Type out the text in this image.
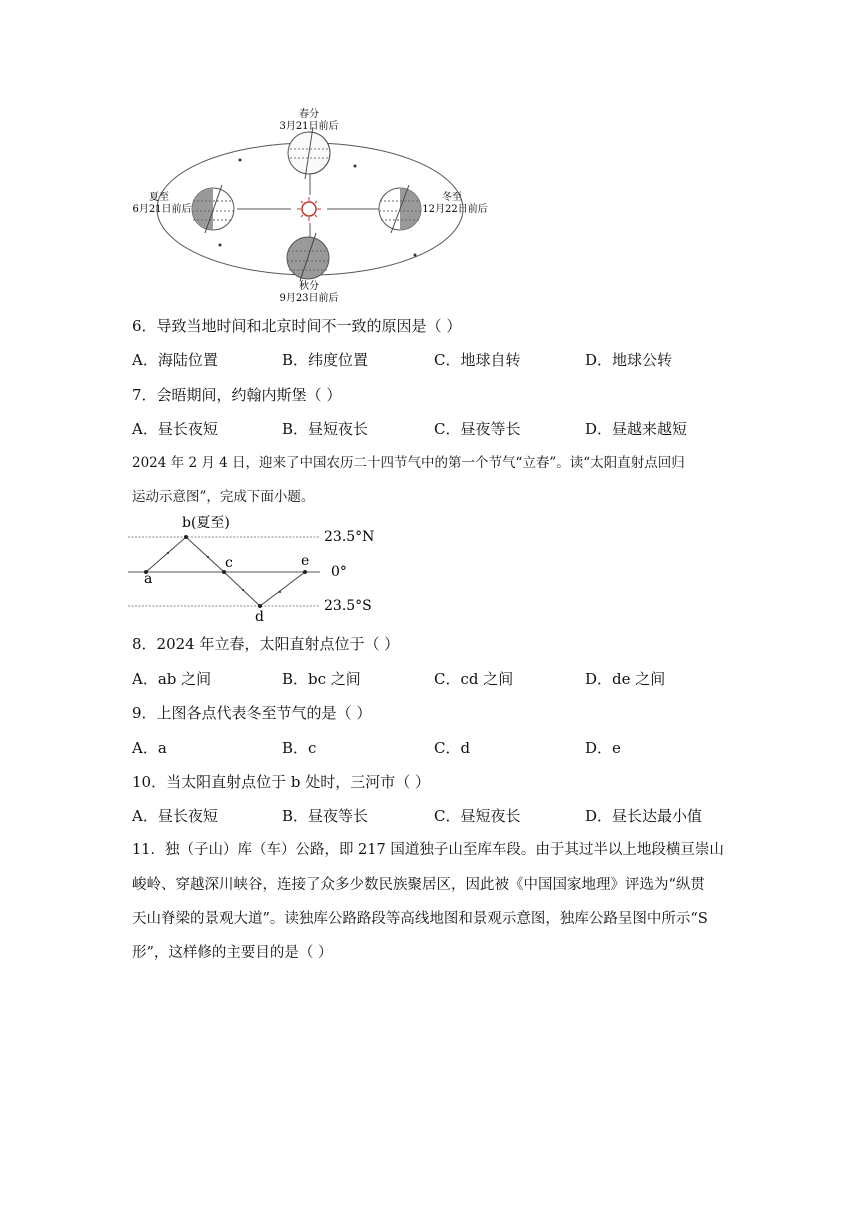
春分
3月21日前后
夏至
6月21日前后
冬至
12月22日前后
秋分
9月23日前后
6．导致当地时间和北京时间不一致的原因是（ ）
A．海陆位置	B．纬度位置	C．地球自转	D．地球公转
7．会晤期间，约翰内斯堡（ ）
A．昼长夜短	B．昼短夜长	C．昼夜等长	D．昼越来越短
2024 年 2 月 4 日，迎来了中国农历二十四节气中的第一个节气“立春”。读“太阳直射点回归
运动示意图”，完成下面小题。
a
b(夏至)
c
d
e
23.5°N
0°
23.5°S
8．2024 年立春，太阳直射点位于（ ）
A．ab 之间	B．bc 之间	C．cd 之间	D．de 之间
9．上图各点代表冬至节气的是（ ）
A．a	B．c	C．d	D．e
10．当太阳直射点位于 b 处时，三河市（ ）
A．昼长夜短	B．昼夜等长	C．昼短夜长	D．昼长达最小值
11．独（子山）库（车）公路，即 217 国道独子山至库车段。由于其过半以上地段横亘崇山
峻岭、穿越深川峡谷，连接了众多少数民族聚居区，因此被《中国国家地理》评选为“纵贯
天山脊梁的景观大道”。读独库公路路段等高线地图和景观示意图，独库公路呈图中所示“S
形”，这样修的主要目的是（ ）
